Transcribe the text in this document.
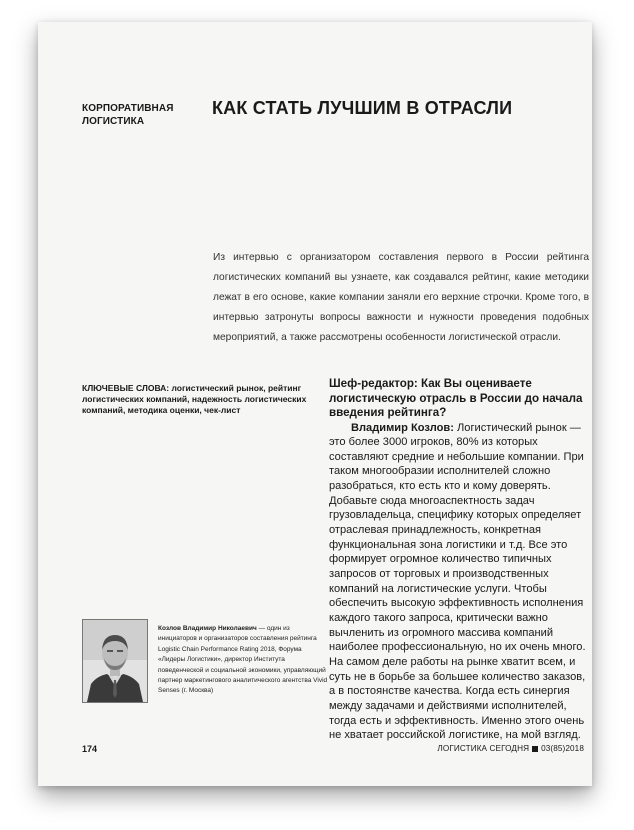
КОРПОРАТИВНАЯ
ЛОГИСТИКА
КАК СТАТЬ ЛУЧШИМ В ОТРАСЛИ

Из интервью с организатором составления первого в России рейтинга логистических компаний вы узнаете, как создавался рейтинг, какие методики лежат в его основе, какие компании заняли его верхние строчки. Кроме того, в интервью затронуты вопросы важности и нужности проведения подобных мероприятий, а также рассмотрены особенности логистической отрасли.

КЛЮЧЕВЫЕ СЛОВА: логистический рынок, рейтинг логистических компаний, надежность логистических компаний, методика оценки, чек-лист

Шеф-редактор: Как Вы оцениваете логистическую отрасль в России до начала введения рейтинга?

Владимир Козлов: Логистический рынок — это более 3000 игроков, 80% из которых составляют средние и небольшие компании. При таком многообразии исполнителей сложно разобраться, кто есть кто и кому доверять. Добавьте сюда многоаспектность задач грузовладельца, специфику которых определяет отраслевая принадлежность, конкретная функциональная зона логистики и т.д. Все это формирует огромное количество типичных запросов от торговых и производственных компаний на логистические услуги. Чтобы обеспечить высокую эффективность исполнения каждого такого запроса, критически важно вычленить из огромного массива компаний наиболее профессиональную, но их очень много. На самом деле работы на рынке хватит всем, и суть не в борьбе за большее количество заказов, а в постоянстве качества. Когда есть синергия между задачами и действиями исполнителей, тогда есть и эффективность. Именно этого очень не хватает российской логистике, на мой взгляд.

Козлов Владимир Николаевич — один из инициаторов и организаторов составления рейтинга Logistic Chain Performance Rating 2018, Форума «Лидеры Логистики», директор Института поведенческой и социальной экономики, управляющий партнер маркетингового аналитического агентства Vivid Senses (г. Москва)
174	ЛОГИСТИКА СЕГОДНЯ 03(85)2018
